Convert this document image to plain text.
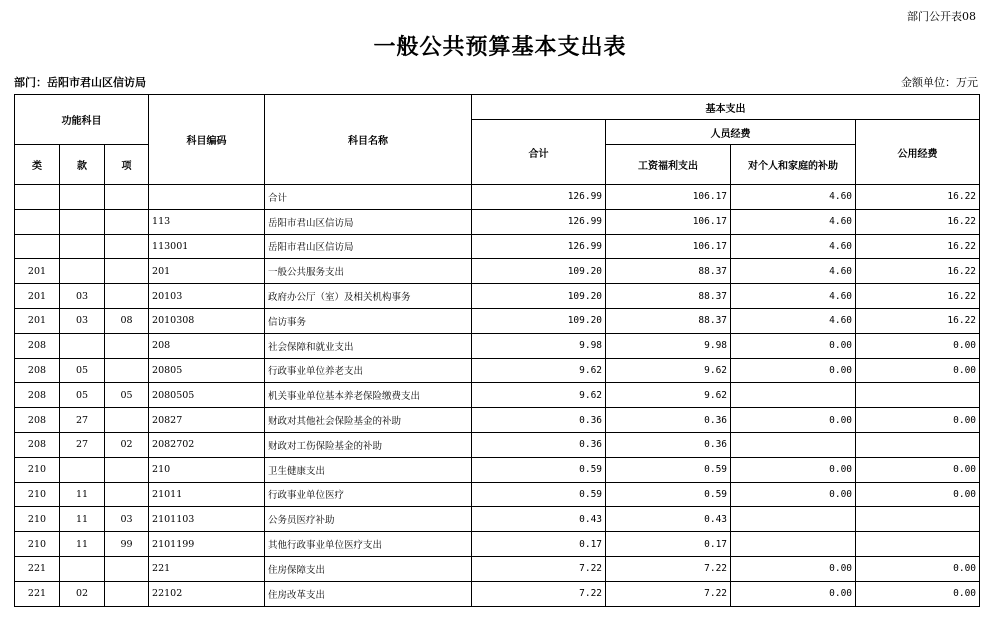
部门公开表08
一般公共预算基本支出表
部门：岳阳市君山区信访局	金额单位：万元
功能科目			科目编码	科目名称	基本支出			
					合计	人员经费		公用经费
类	款	项				工资福利支出	对个人和家庭的补助	
				合计	126.99	106.17	4.60	16.22
			113	岳阳市君山区信访局	126.99	106.17	4.60	16.22
			113001	岳阳市君山区信访局	126.99	106.17	4.60	16.22
201			201	一般公共服务支出	109.20	88.37	4.60	16.22
201	03		20103	政府办公厅（室）及相关机构事务	109.20	88.37	4.60	16.22
201	03	08	2010308	信访事务	109.20	88.37	4.60	16.22
208			208	社会保障和就业支出	9.98	9.98	0.00	0.00
208	05		20805	行政事业单位养老支出	9.62	9.62	0.00	0.00
208	05	05	2080505	机关事业单位基本养老保险缴费支出	9.62	9.62		
208	27		20827	财政对其他社会保险基金的补助	0.36	0.36	0.00	0.00
208	27	02	2082702	财政对工伤保险基金的补助	0.36	0.36		
210			210	卫生健康支出	0.59	0.59	0.00	0.00
210	11		21011	行政事业单位医疗	0.59	0.59	0.00	0.00
210	11	03	2101103	公务员医疗补助	0.43	0.43		
210	11	99	2101199	其他行政事业单位医疗支出	0.17	0.17		
221			221	住房保障支出	7.22	7.22	0.00	0.00
221	02		22102	住房改革支出	7.22	7.22	0.00	0.00
